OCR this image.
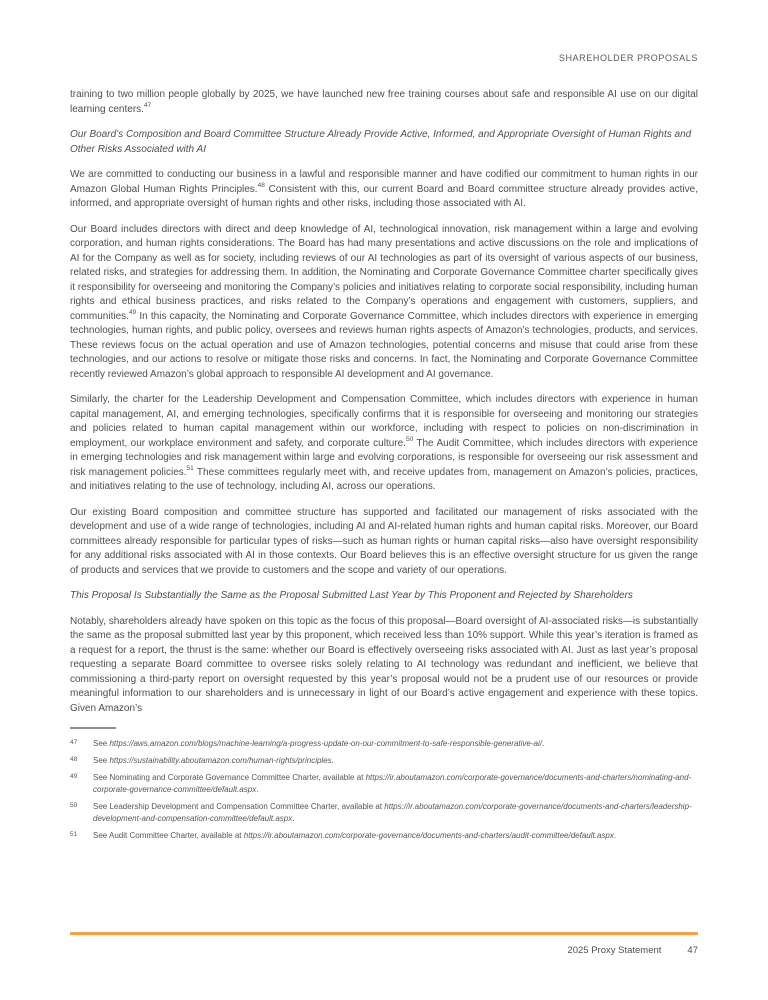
SHAREHOLDER PROPOSALS

training to two million people globally by 2025, we have launched new free training courses about safe and responsible AI use on our digital learning centers.$^{47}$

Our Board’s Composition and Board Committee Structure Already Provide Active, Informed, and Appropriate Oversight of Human Rights and Other Risks Associated with AI

We are committed to conducting our business in a lawful and responsible manner and have codified our commitment to human rights in our Amazon Global Human Rights Principles.$^{48}$ Consistent with this, our current Board and Board committee structure already provides active, informed, and appropriate oversight of human rights and other risks, including those associated with AI.

Our Board includes directors with direct and deep knowledge of AI, technological innovation, risk management within a large and evolving corporation, and human rights considerations. The Board has had many presentations and active discussions on the role and implications of AI for the Company as well as for society, including reviews of our AI technologies as part of its oversight of various aspects of our business, related risks, and strategies for addressing them. In addition, the Nominating and Corporate Governance Committee charter specifically gives it responsibility for overseeing and monitoring the Company’s policies and initiatives relating to corporate social responsibility, including human rights and ethical business practices, and risks related to the Company’s operations and engagement with customers, suppliers, and communities.$^{49}$ In this capacity, the Nominating and Corporate Governance Committee, which includes directors with experience in emerging technologies, human rights, and public policy, oversees and reviews human rights aspects of Amazon’s technologies, products, and services. These reviews focus on the actual operation and use of Amazon technologies, potential concerns and misuse that could arise from these technologies, and our actions to resolve or mitigate those risks and concerns. In fact, the Nominating and Corporate Governance Committee recently reviewed Amazon’s global approach to responsible AI development and AI governance.

Similarly, the charter for the Leadership Development and Compensation Committee, which includes directors with experience in human capital management, AI, and emerging technologies, specifically confirms that it is responsible for overseeing and monitoring our strategies and policies related to human capital management within our workforce, including with respect to policies on non-discrimination in employment, our workplace environment and safety, and corporate culture.$^{50}$ The Audit Committee, which includes directors with experience in emerging technologies and risk management within large and evolving corporations, is responsible for overseeing our risk assessment and risk management policies.$^{51}$ These committees regularly meet with, and receive updates from, management on Amazon’s policies, practices, and initiatives relating to the use of technology, including AI, across our operations.

Our existing Board composition and committee structure has supported and facilitated our management of risks associated with the development and use of a wide range of technologies, including AI and AI-related human rights and human capital risks. Moreover, our Board committees already responsible for particular types of risks—such as human rights or human capital risks—also have oversight responsibility for any additional risks associated with AI in those contexts. Our Board believes this is an effective oversight structure for us given the range of products and services that we provide to customers and the scope and variety of our operations.

This Proposal Is Substantially the Same as the Proposal Submitted Last Year by This Proponent and Rejected by Shareholders

Notably, shareholders already have spoken on this topic as the focus of this proposal—Board oversight of AI-associated risks—is substantially the same as the proposal submitted last year by this proponent, which received less than 10% support. While this year’s iteration is framed as a request for a report, the thrust is the same: whether our Board is effectively overseeing risks associated with AI. Just as last year’s proposal requesting a separate Board committee to oversee risks solely relating to AI technology was redundant and inefficient, we believe that commissioning a third-party report on oversight requested by this year’s proposal would not be a prudent use of our resources or provide meaningful information to our shareholders and is unnecessary in light of our Board’s active engagement and experience with these topics. Given Amazon’s

47	See https://aws.amazon.com/blogs/machine-learning/a-progress-update-on-our-commitment-to-safe-responsible-generative-ai/.
48	See https://sustainability.aboutamazon.com/human-rights/principles.
49	See Nominating and Corporate Governance Committee Charter, available at https://ir.aboutamazon.com/corporate-governance/documents-and-charters/nominating-and-corporate-governance-committee/default.aspx.
50	See Leadership Development and Compensation Committee Charter, available at https://ir.aboutamazon.com/corporate-governance/documents-and-charters/leadership-development-and-compensation-committee/default.aspx.
51	See Audit Committee Charter, available at https://ir.aboutamazon.com/corporate-governance/documents-and-charters/audit-committee/default.aspx.
2025 Proxy Statement	47
